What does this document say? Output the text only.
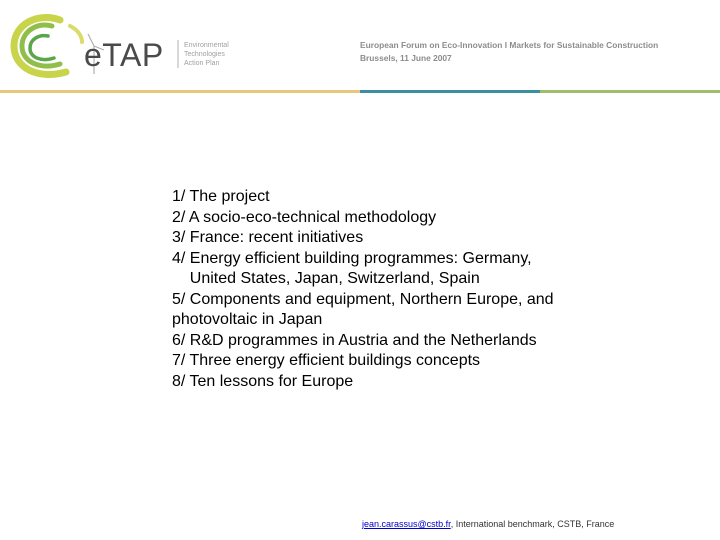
eTAP	Environmental
Technologies
Action Plan
European Forum on Eco-Innovation I Markets for Sustainable Construction
Brussels, 11 June 2007
1/ The project
2/ A socio-eco-technical methodology
3/ France: recent initiatives
4/ Energy efficient building programmes: Germany,
United States, Japan, Switzerland, Spain
5/ Components and equipment, Northern Europe, and photovoltaic in Japan
6/ R&D programmes in Austria and the Netherlands
7/ Three energy efficient buildings concepts
8/ Ten lessons for Europe
jean.carassus@cstb.fr, International benchmark, CSTB, France
